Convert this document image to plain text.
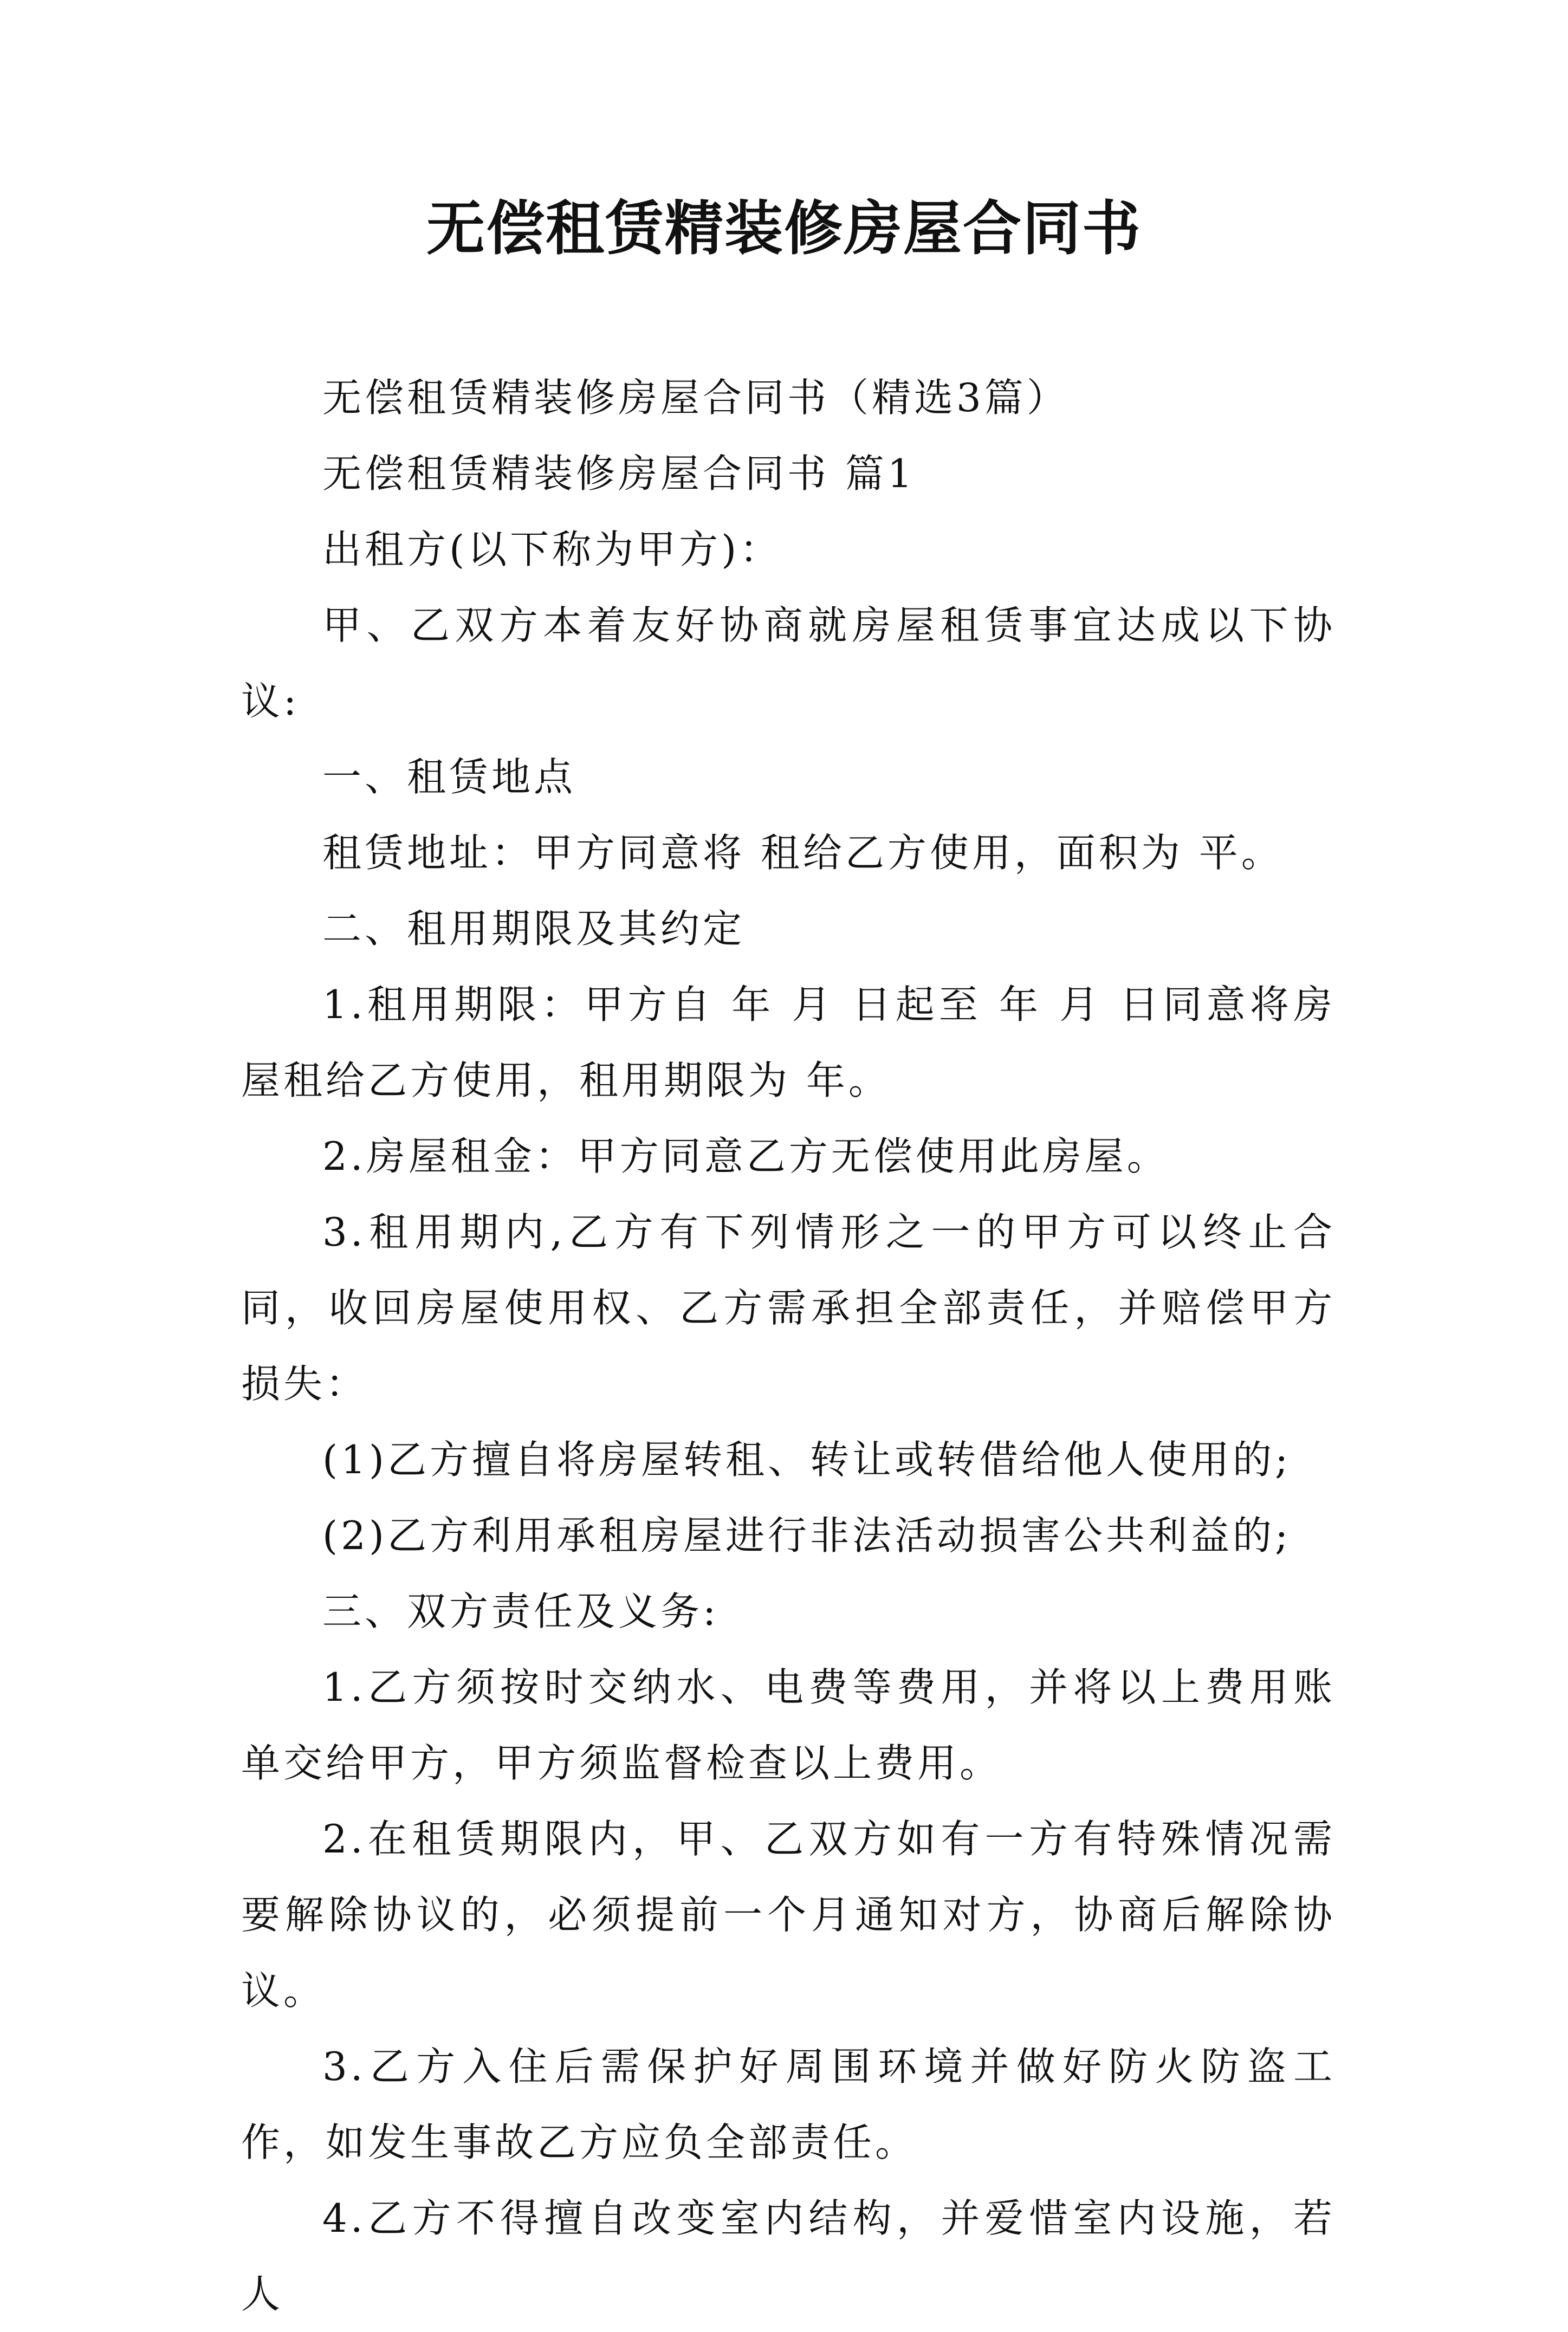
无偿租赁精装修房屋合同书

无偿租赁精装修房屋合同书（精选3篇）

无偿租赁精装修房屋合同书 篇1

出租方(以下称为甲方)：

甲、乙双方本着友好协商就房屋租赁事宜达成以下协议:

一、租赁地点

租赁地址：甲方同意将 租给乙方使用，面积为 平。

二、租用期限及其约定

1.租用期限：甲方自 年 月 日起至 年 月 日同意将房屋租给乙方使用，租用期限为 年。

2.房屋租金：甲方同意乙方无偿使用此房屋。

3.租用期内,乙方有下列情形之一的甲方可以终止合同，收回房屋使用权、乙方需承担全部责任，并赔偿甲方损失：

(1)乙方擅自将房屋转租、转让或转借给他人使用的;

(2)乙方利用承租房屋进行非法活动损害公共利益的;

三、双方责任及义务:

1.乙方须按时交纳水、电费等费用，并将以上费用账单交给甲方，甲方须监督检查以上费用。

2.在租赁期限内，甲、乙双方如有一方有特殊情况需要解除协议的，必须提前一个月通知对方，协商后解除协议。

3.乙方入住后需保护好周围环境并做好防火防盗工作，如发生事故乙方应负全部责任。

4.乙方不得擅自改变室内结构，并爱惜室内设施，若人
